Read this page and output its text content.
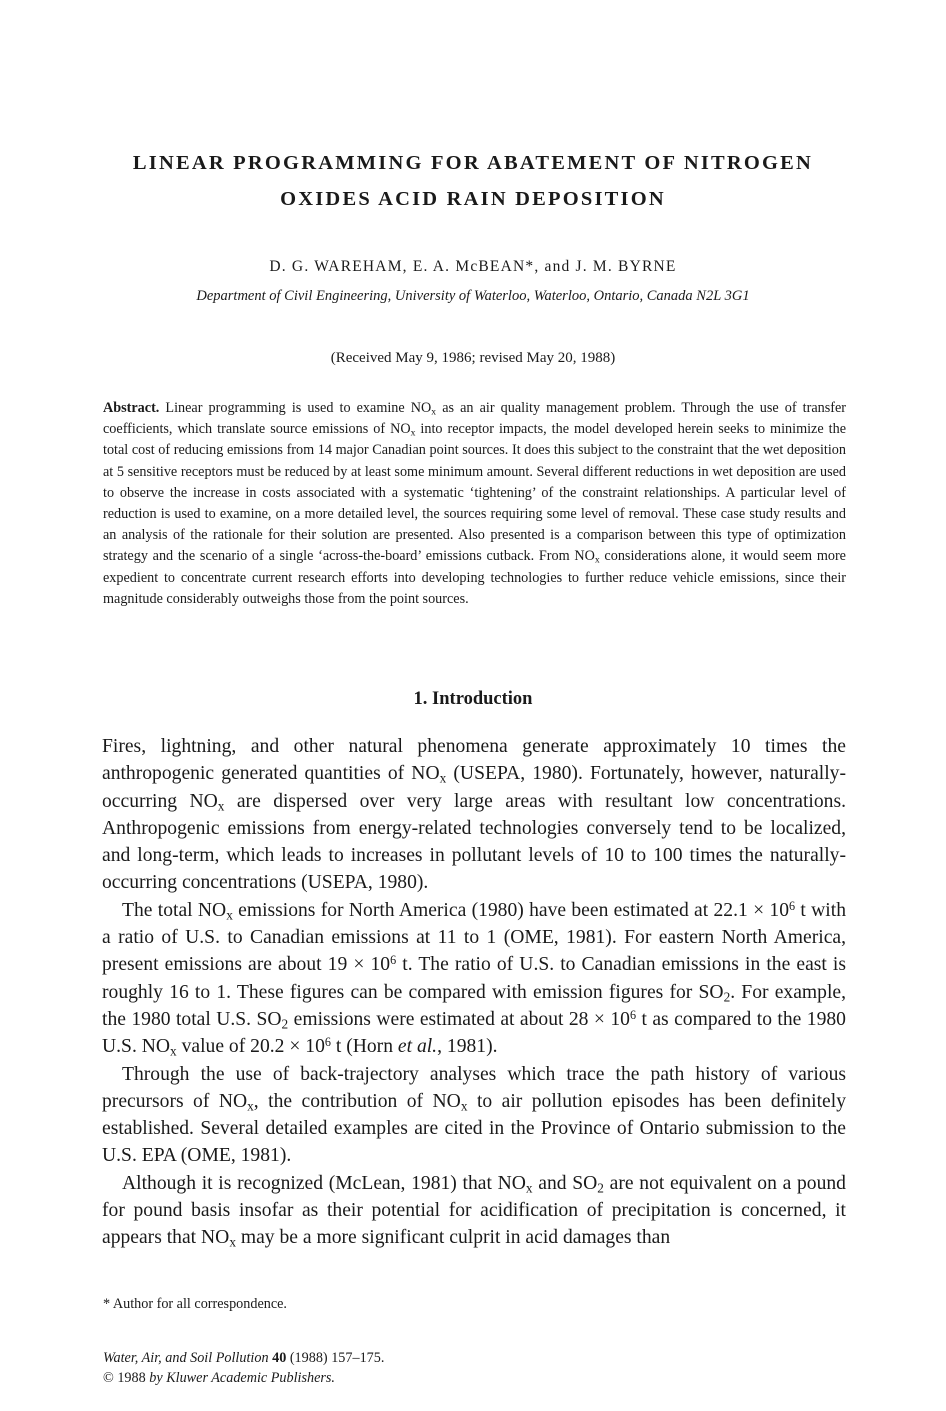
LINEAR PROGRAMMING FOR ABATEMENT OF NITROGEN
OXIDES ACID RAIN DEPOSITION
D. G. WAREHAM, E. A. McBEAN*, and J. M. BYRNE
Department of Civil Engineering, University of Waterloo, Waterloo, Ontario, Canada N2L 3G1
(Received May 9, 1986; revised May 20, 1988)
Abstract. Linear programming is used to examine $NO_x$ as an air quality management problem. Through the use of transfer coefficients, which translate source emissions of $NO_x$ into receptor impacts, the model developed herein seeks to minimize the total cost of reducing emissions from 14 major Canadian point sources. It does this subject to the constraint that the wet deposition at 5 sensitive receptors must be reduced by at least some minimum amount. Several different reductions in wet deposition are used to observe the increase in costs associated with a systematic ‘tightening’ of the constraint relationships. A particular level of reduction is used to examine, on a more detailed level, the sources requiring some level of removal. These case study results and an analysis of the rationale for their solution are presented. Also presented is a comparison between this type of optimization strategy and the scenario of a single ‘across-the-board’ emissions cutback. From $NO_x$ considerations alone, it would seem more expedient to concentrate current research efforts into developing technologies to further reduce vehicle emissions, since their magnitude considerably outweighs those from the point sources.
1. Introduction

Fires, lightning, and other natural phenomena generate approximately 10 times the anthropogenic generated quantities of $NO_x$ (USEPA, 1980). Fortunately, however, naturally-occurring $NO_x$ are dispersed over very large areas with resultant low concentrations. Anthropogenic emissions from energy-related technologies conversely tend to be localized, and long-term, which leads to increases in pollutant levels of 10 to 100 times the naturally-occurring concentrations (USEPA, 1980).

The total $NO_x$ emissions for North America (1980) have been estimated at $22.1 \times 10^6$ t with a ratio of U.S. to Canadian emissions at 11 to 1 (OME, 1981). For eastern North America, present emissions are about $19 \times 10^6$ t. The ratio of U.S. to Canadian emissions in the east is roughly 16 to 1. These figures can be compared with emission figures for $SO_2$. For example, the 1980 total U.S. $SO_2$ emissions were estimated at about $28 \times 10^6$ t as compared to the 1980 U.S. $NO_x$ value of $20.2 \times 10^6$ t (Horn et al., 1981).

Through the use of back-trajectory analyses which trace the path history of various precursors of $NO_x$, the contribution of $NO_x$ to air pollution episodes has been definitely established. Several detailed examples are cited in the Province of Ontario submission to the U.S. EPA (OME, 1981).

Although it is recognized (McLean, 1981) that $NO_x$ and $SO_2$ are not equivalent on a pound for pound basis insofar as their potential for acidification of precipitation is concerned, it appears that $NO_x$ may be a more significant culprit in acid damages than

* Author for all correspondence.
Water, Air, and Soil Pollution 40 (1988) 157–175.
© 1988 by Kluwer Academic Publishers.
